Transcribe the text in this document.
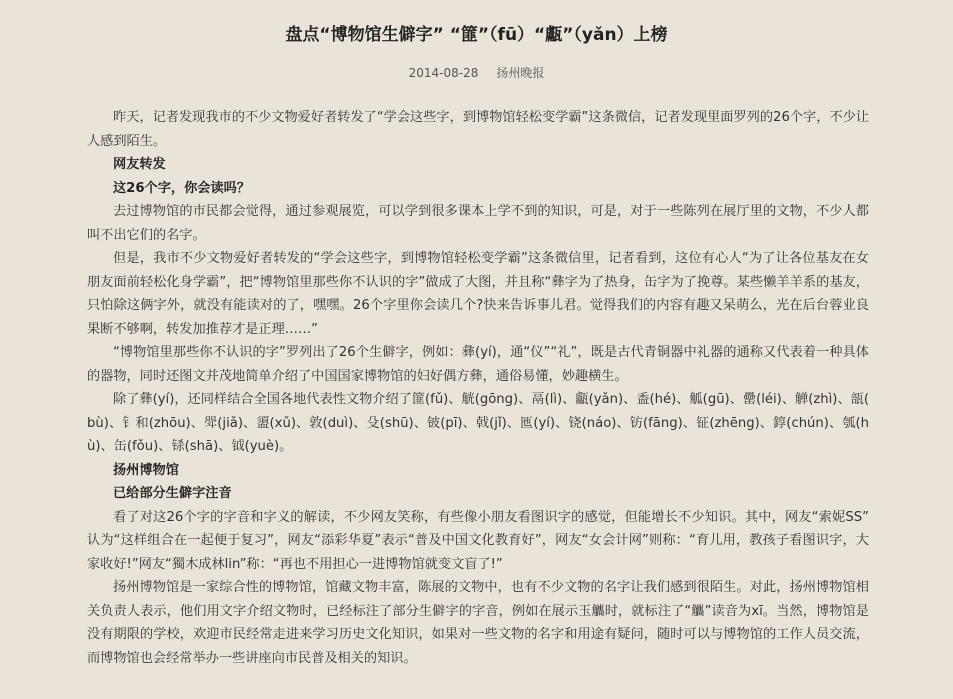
盘点“博物馆生僻字” “篚”（fū）“甗”（yǎn）上榜
2014-08-28 扬州晚报

昨天，记者发现我市的不少文物爱好者转发了“学会这些字，到博物馆轻松变学霸”这条微信，记者发现里面罗列的26个字，不少让人感到陌生。

网友转发

这26个字，你会读吗？

去过博物馆的市民都会觉得，通过参观展览，可以学到很多课本上学不到的知识，可是，对于一些陈列在展厅里的文物，不少人都叫不出它们的名字。

但是，我市不少文物爱好者转发的“学会这些字，到博物馆轻松变学霸”这条微信里，记者看到，这位有心人“为了让各位基友在女朋友面前轻松化身学霸”，把“博物馆里那些你不认识的字”做成了大图，并且称“彝字为了热身，缶字为了挽尊。某些懒羊羊系的基友，只怕除这俩字外，就没有能读对的了，嘿嘿。26个字里你会读几个?快来告诉事儿君。觉得我们的内容有趣又呆萌么，光在后台蓉业良果断不够啊，转发加推荐才是正理……”

“博物馆里那些你不认识的字”罗列出了26个生僻字，例如：彝(yí)，通“仪”“礼”，既是古代青铜器中礼器的通称又代表着一种具体的器物，同时还图文并茂地简单介绍了中国国家博物馆的妇好偶方彝，通俗易懂，妙趣横生。

除了彝(yí)，还同样结合全国各地代表性文物介绍了篚(fǔ)、觥(gōng)、鬲(lì)、甗(yǎn)、盉(hé)、觚(gū)、罍(léi)、觯(zhì)、瓿(bù)、钅和(zhōu)、斝(jiǎ)、盨(xǔ)、敦(duì)、殳(shū)、铍(pī)、戟(jǐ)、匜(yí)、铙(náo)、钫(fāng)、钲(zhēng)、錞(chún)、瓠(hù)、缶(fǒu)、铩(shā)、钺(yuè)。

扬州博物馆

已给部分生僻字注音

看了对这26个字的字音和字义的解读，不少网友笑称，有些像小朋友看图识字的感觉，但能增长不少知识。其中，网友“索妮SS”认为“这样组合在一起便于复习”，网友“添彩华夏”表示“普及中国文化教育好”，网友“女会计网”则称：“育儿用，教孩子看图识字，大家收好!”网友“獨木成林lin”称：“再也不用担心一进博物馆就变文盲了!”

扬州博物馆是一家综合性的博物馆，馆藏文物丰富，陈展的文物中，也有不少文物的名字让我们感到很陌生。对此，扬州博物馆相关负责人表示，他们用文字介绍文物时，已经标注了部分生僻字的字音，例如在展示玉觿时，就标注了“觿”读音为xī。当然，博物馆是没有期限的学校，欢迎市民经常走进来学习历史文化知识，如果对一些文物的名字和用途有疑问，随时可以与博物馆的工作人员交流，而博物馆也会经常举办一些讲座向市民普及相关的知识。
